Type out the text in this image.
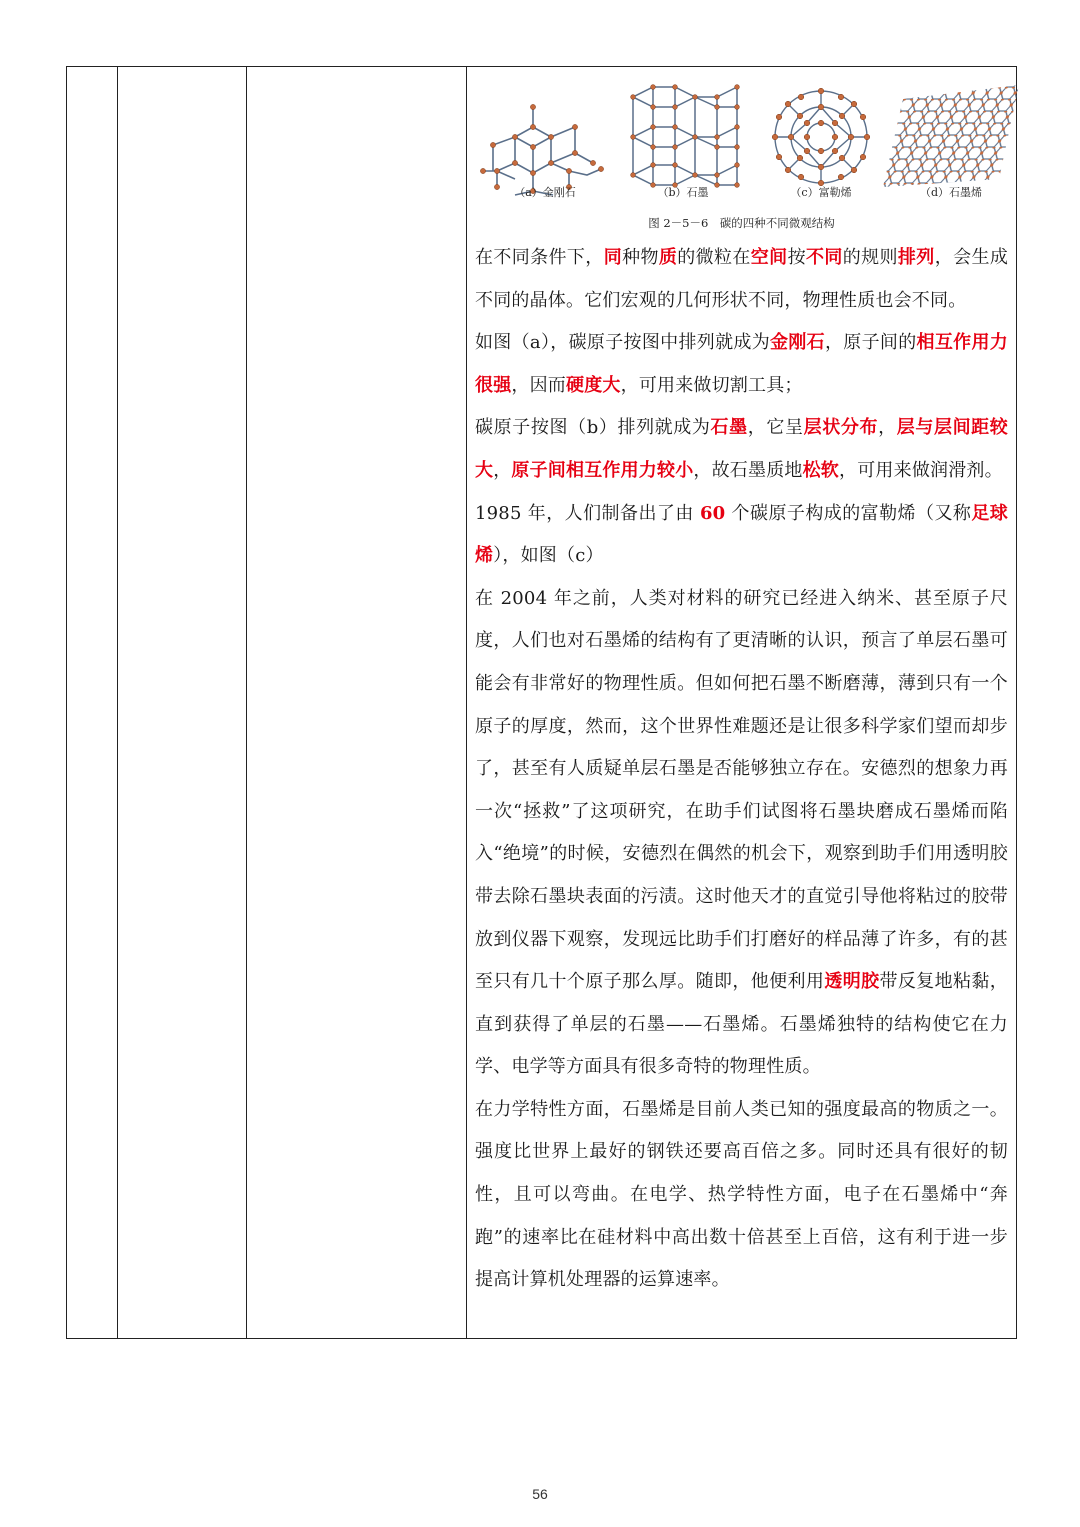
（a）金刚石	（b）石墨	（c）富勒烯	（d）石墨烯
图 2－5－6　碳的四种不同微观结构

在不同条件下，同种物质的微粒在空间按不同的规则排列，会生成不同的晶体。它们宏观的几何形状不同，物理性质也会不同。

如图（a），碳原子按图中排列就成为金刚石，原子间的相互作用力很强，因而硬度大，可用来做切割工具；

碳原子按图（b）排列就成为石墨，它呈层状分布，层与层间距较大，原子间相互作用力较小，故石墨质地松软，可用来做润滑剂。

1985 年，人们制备出了由 60 个碳原子构成的富勒烯（又称足球烯），如图（c）

在 2004 年之前，人类对材料的研究已经进入纳米、甚至原子尺度，人们也对石墨烯的结构有了更清晰的认识，预言了单层石墨可能会有非常好的物理性质。但如何把石墨不断磨薄，薄到只有一个原子的厚度，然而，这个世界性难题还是让很多科学家们望而却步了，甚至有人质疑单层石墨是否能够独立存在。安德烈的想象力再一次“拯救”了这项研究，在助手们试图将石墨块磨成石墨烯而陷入“绝境”的时候，安德烈在偶然的机会下，观察到助手们用透明胶带去除石墨块表面的污渍。这时他天才的直觉引导他将粘过的胶带放到仪器下观察，发现远比助手们打磨好的样品薄了许多，有的甚至只有几十个原子那么厚。随即，他便利用透明胶带反复地粘黏，直到获得了单层的石墨——石墨烯。石墨烯独特的结构使它在力学、电学等方面具有很多奇特的物理性质。

在力学特性方面，石墨烯是目前人类已知的强度最高的物质之一。强度比世界上最好的钢铁还要高百倍之多。同时还具有很好的韧性，且可以弯曲。在电学、热学特性方面，电子在石墨烯中“奔跑”的速率比在硅材料中高出数十倍甚至上百倍，这有利于进一步提高计算机处理器的运算速率。

56
